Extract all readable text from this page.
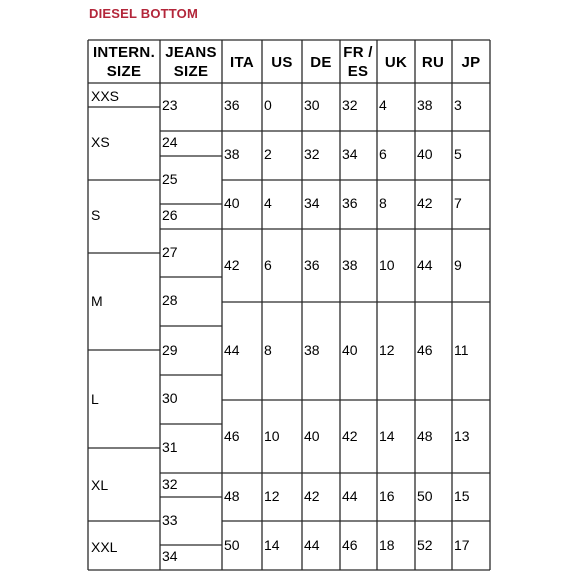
DIESEL BOTTOM
INTERN.
SIZE
JEANS
SIZE
ITA US DE
FR /
ES
UK RU JP
XXS
XS
S
M
L
XL
XXL
23
24
25
26
27
28
29
30
31
32
33
34
36 0 30 32 4 38 3
38 2 32 34 6 40 5
40 4 34 36 8 42 7
42 6 36 38 10 44 9
44 8 38 40 12 46 11
46 10 40 42 14 48 13
48 12 42 44 16 50 15
50 14 44 46 18 52 17
